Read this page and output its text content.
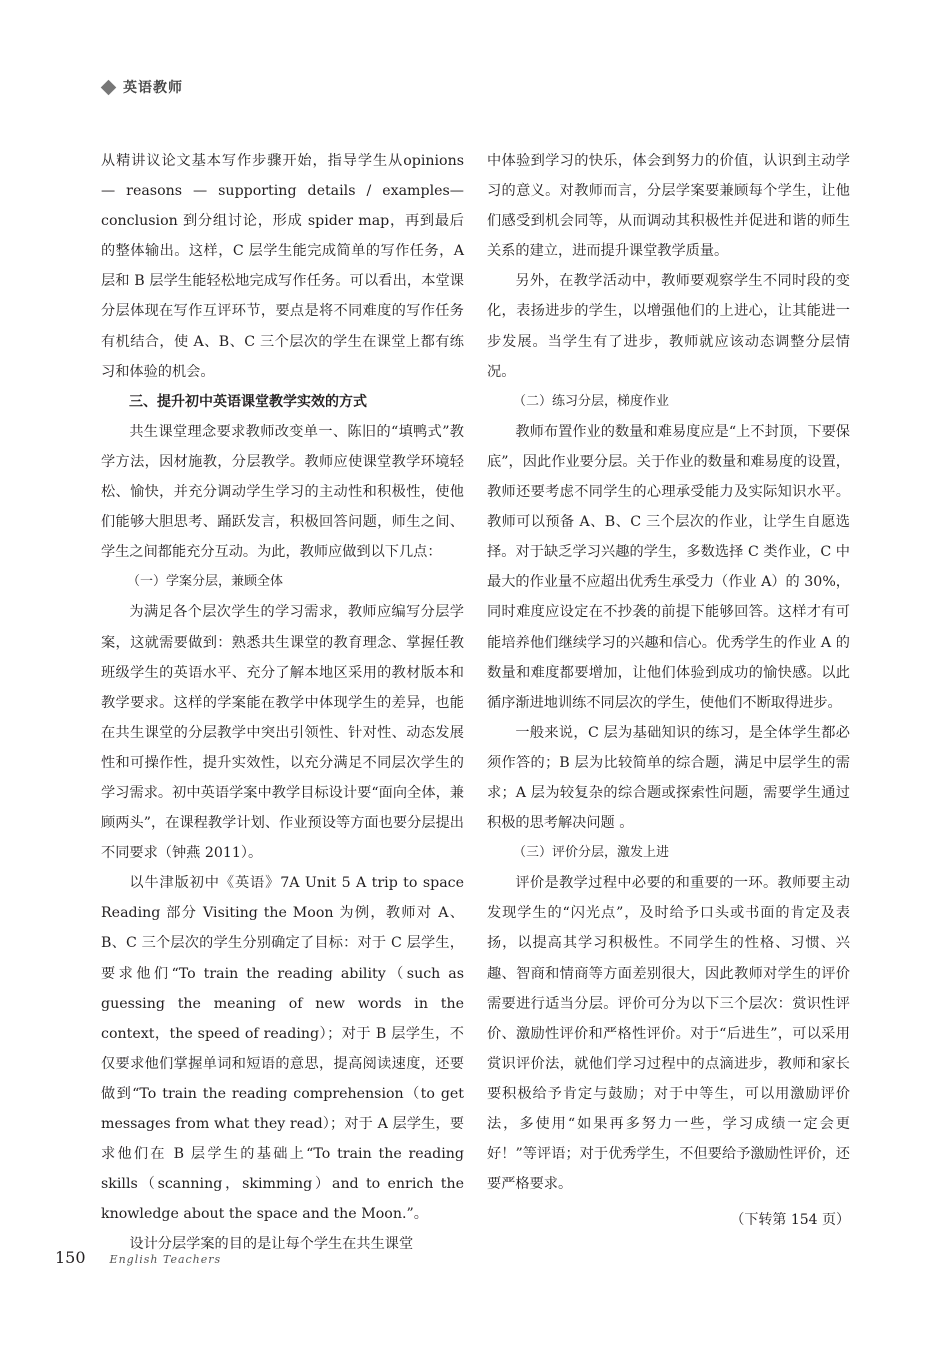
英语教师

从精讲议论文基本写作步骤开始，指导学生从opinions — reasons — supporting details / examples— conclusion 到分组讨论，形成 spider map，再到最后的整体输出。这样，C 层学生能完成简单的写作任务，A 层和 B 层学生能轻松地完成写作任务。可以看出，本堂课分层体现在写作互评环节，要点是将不同难度的写作任务有机结合，使 A、B、C 三个层次的学生在课堂上都有练习和体验的机会。

三、提升初中英语课堂教学实效的方式

共生课堂理念要求教师改变单一、陈旧的“填鸭式”教学方法，因材施教，分层教学。教师应使课堂教学环境轻松、愉快，并充分调动学生学习的主动性和积极性，使他们能够大胆思考、踊跃发言，积极回答问题，师生之间、学生之间都能充分互动。为此，教师应做到以下几点：

（一）学案分层，兼顾全体

为满足各个层次学生的学习需求，教师应编写分层学案，这就需要做到：熟悉共生课堂的教育理念、掌握任教班级学生的英语水平、充分了解本地区采用的教材版本和教学要求。这样的学案能在教学中体现学生的差异，也能在共生课堂的分层教学中突出引领性、针对性、动态发展性和可操作性，提升实效性，以充分满足不同层次学生的学习需求。初中英语学案中教学目标设计要“面向全体，兼顾两头”，在课程教学计划、作业预设等方面也要分层提出不同要求（钟燕 2011）。

以牛津版初中《英语》7A Unit 5 A trip to space Reading 部分 Visiting the Moon 为例，教师对 A、B、C 三个层次的学生分别确定了目标：对于 C 层学生，要求他们“To train the reading ability（such as guessing the meaning of new words in the context，the speed of reading）；对于 B 层学生，不仅要求他们掌握单词和短语的意思，提高阅读速度，还要做到“To train the reading comprehension（to get messages from what they read）；对于 A 层学生，要求他们在 B 层学生的基础上“To train the reading skills（scanning，skimming）and to enrich the knowledge about the space and the Moon.”。

设计分层学案的目的是让每个学生在共生课堂

中体验到学习的快乐，体会到努力的价值，认识到主动学习的意义。对教师而言，分层学案要兼顾每个学生，让他们感受到机会同等，从而调动其积极性并促进和谐的师生关系的建立，进而提升课堂教学质量。

另外，在教学活动中，教师要观察学生不同时段的变化，表扬进步的学生，以增强他们的上进心，让其能进一步发展。当学生有了进步，教师就应该动态调整分层情况。

（二）练习分层，梯度作业

教师布置作业的数量和难易度应是“上不封顶，下要保底”，因此作业要分层。关于作业的数量和难易度的设置，教师还要考虑不同学生的心理承受能力及实际知识水平。教师可以预备 A、B、C 三个层次的作业，让学生自愿选择。对于缺乏学习兴趣的学生，多数选择 C 类作业，C 中最大的作业量不应超出优秀生承受力（作业 A）的 30%，同时难度应设定在不抄袭的前提下能够回答。这样才有可能培养他们继续学习的兴趣和信心。优秀学生的作业 A 的数量和难度都要增加，让他们体验到成功的愉快感。以此循序渐进地训练不同层次的学生，使他们不断取得进步。

一般来说，C 层为基础知识的练习，是全体学生都必须作答的；B 层为比较简单的综合题，满足中层学生的需求；A 层为较复杂的综合题或探索性问题，需要学生通过积极的思考解决问题 。

（三）评价分层，激发上进

评价是教学过程中必要的和重要的一环。教师要主动发现学生的“闪光点”，及时给予口头或书面的肯定及表扬，以提高其学习积极性。不同学生的性格、习惯、兴趣、智商和情商等方面差别很大，因此教师对学生的评价需要进行适当分层。评价可分为以下三个层次：赏识性评价、激励性评价和严格性评价。对于“后进生”，可以采用赏识评价法，就他们学习过程中的点滴进步，教师和家长要积极给予肯定与鼓励；对于中等生，可以用激励评价法，多使用“如果再多努力一些，学习成绩一定会更好！”等评语；对于优秀学生，不但要给予激励性评价，还要严格要求。

（下转第 154 页）

150 English Teachers
